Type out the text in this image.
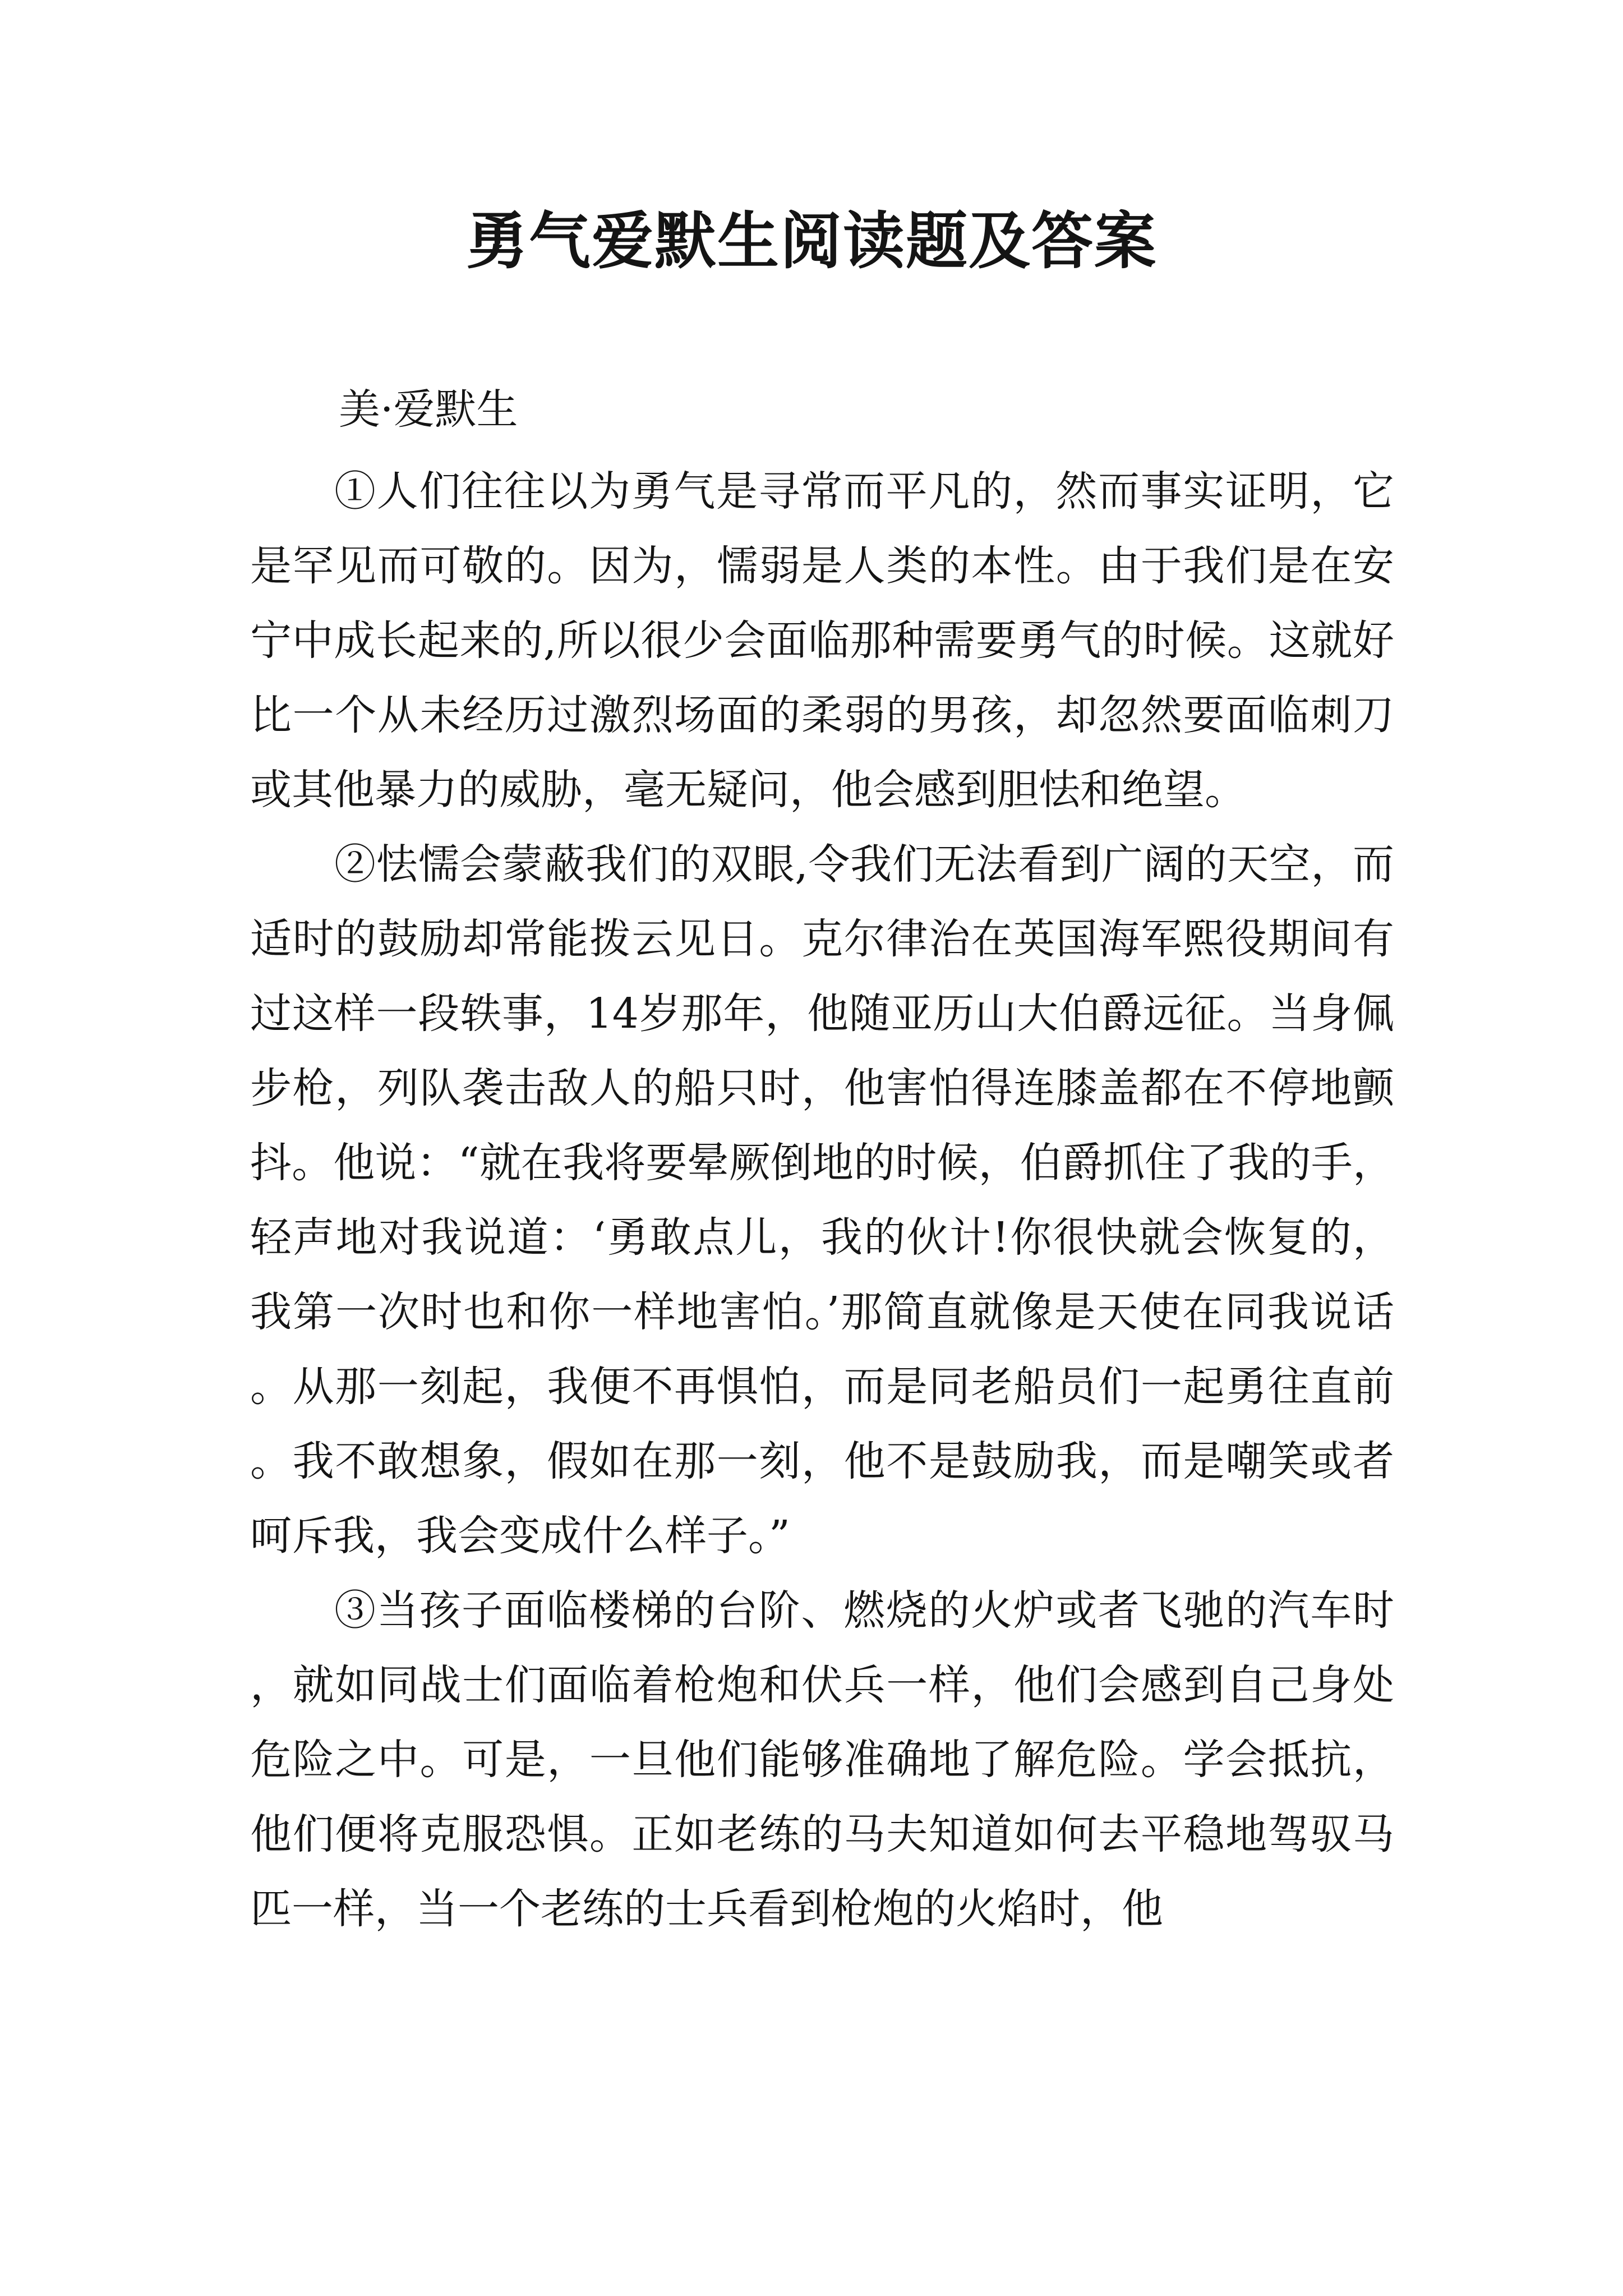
勇气爱默生阅读题及答案
美·爱默生

①人们往往以为勇气是寻常而平凡的，然而事实证明，它是罕见而可敬的。因为，懦弱是人类的本性。由于我们是在安宁中成长起来的,所以很少会面临那种需要勇气的时候。这就好比一个从未经历过激烈场面的柔弱的男孩，却忽然要面临刺刀或其他暴力的威胁，毫无疑问，他会感到胆怯和绝望。

②怯懦会蒙蔽我们的双眼,令我们无法看到广阔的天空，而适时的鼓励却常能拨云见日。克尔律治在英国海军熙役期间有过这样一段轶事，14岁那年，他随亚历山大伯爵远征。当身佩步枪，列队袭击敌人的船只时，他害怕得连膝盖都在不停地颤抖。他说：“就在我将要晕厥倒地的时候，伯爵抓住了我的手，轻声地对我说道：‘勇敢点儿，我的伙计!你很快就会恢复的，我第一次时也和你一样地害怕。’那简直就像是天使在同我说话。从那一刻起，我便不再惧怕，而是同老船员们一起勇往直前。我不敢想象，假如在那一刻，他不是鼓励我，而是嘲笑或者呵斥我，我会变成什么样子。”

③当孩子面临楼梯的台阶、燃烧的火炉或者飞驰的汽车时，就如同战士们面临着枪炮和伏兵一样，他们会感到自己身处危险之中。可是，一旦他们能够准确地了解危险。学会抵抗，他们便将克服恐惧。正如老练的马夫知道如何去平稳地驾驭马匹一样，当一个老练的士兵看到枪炮的火焰时，他
